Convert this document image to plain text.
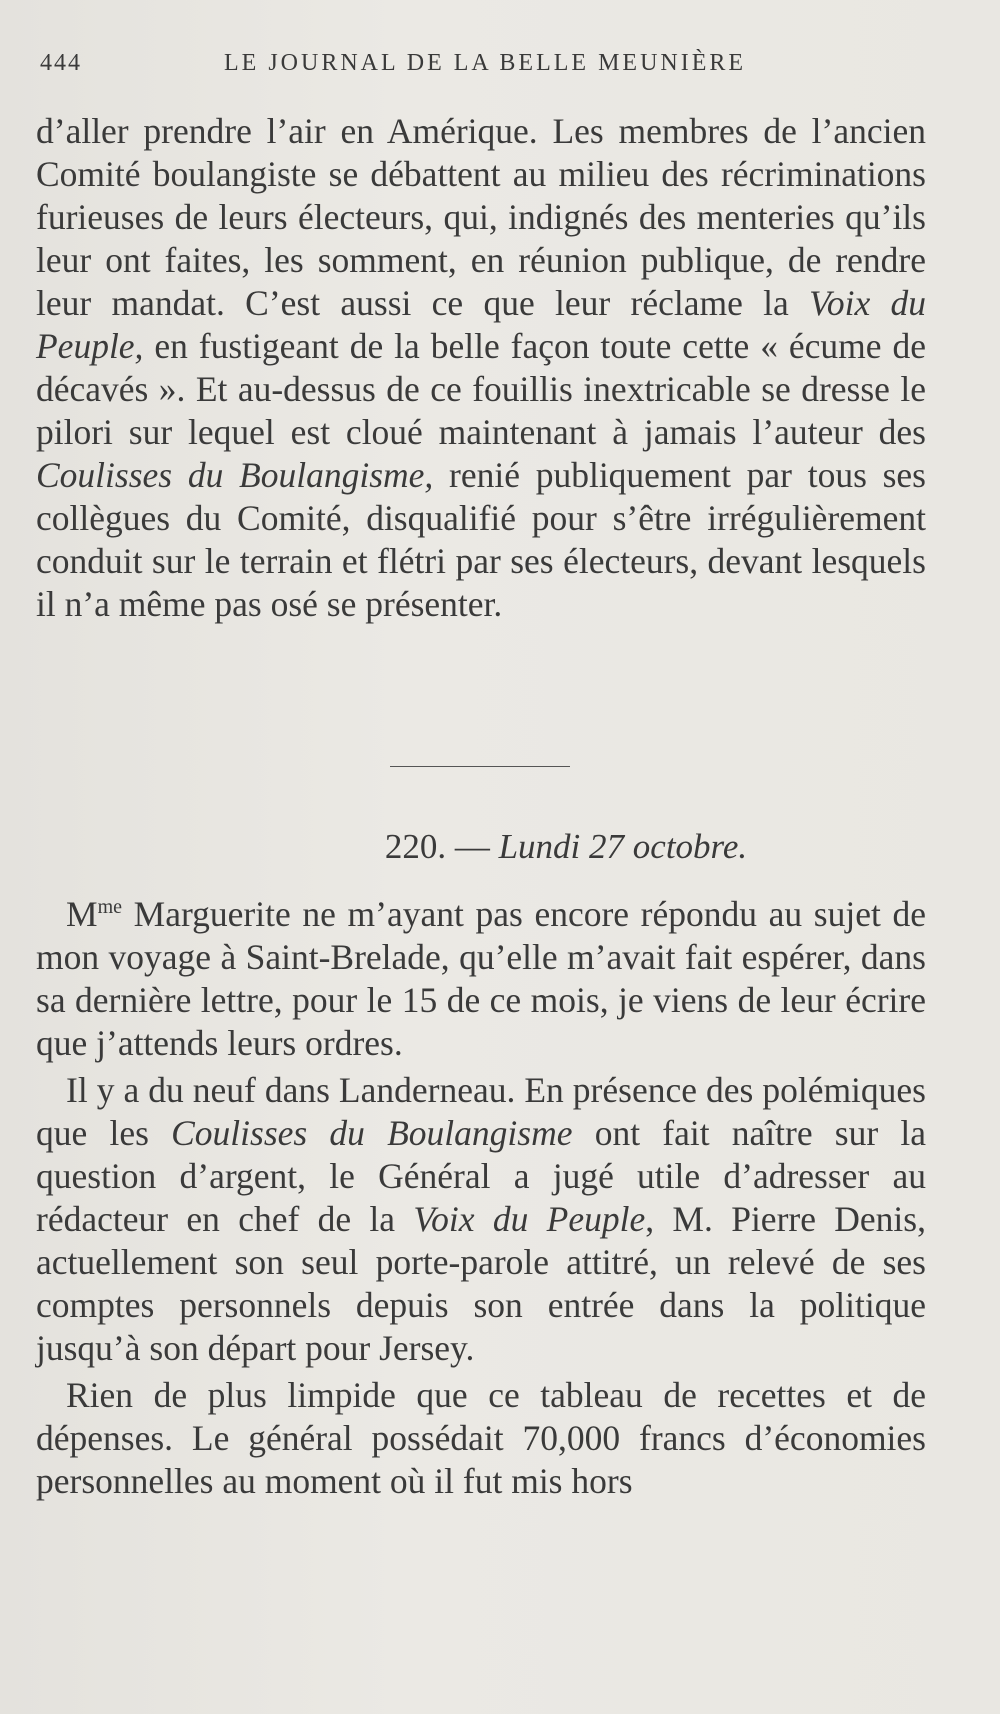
444	LE JOURNAL DE LA BELLE MEUNIÈRE

d’aller prendre l’air en Amérique. Les membres de l’ancien Comité boulangiste se débattent au milieu des récriminations furieuses de leurs électeurs, qui, indignés des menteries qu’ils leur ont faites, les somment, en réunion publique, de rendre leur mandat. C’est aussi ce que leur réclame la Voix du Peuple, en fustigeant de la belle façon toute cette « écume de décavés ». Et au-dessus de ce fouillis inextricable se dresse le pilori sur lequel est cloué maintenant à jamais l’auteur des Coulisses du Boulangisme, renié publiquement par tous ses collègues du Comité, disqualifié pour s’être irrégulièrement conduit sur le terrain et flétri par ses électeurs, devant lesquels il n’a même pas osé se présenter.

220. — Lundi 27 octobre.

$M^{me}$ Marguerite ne m’ayant pas encore répondu au sujet de mon voyage à Saint-Brelade, qu’elle m’avait fait espérer, dans sa dernière lettre, pour le 15 de ce mois, je viens de leur écrire que j’attends leurs ordres.

Il y a du neuf dans Landerneau. En présence des polémiques que les Coulisses du Boulangisme ont fait naître sur la question d’argent, le Général a jugé utile d’adresser au rédacteur en chef de la Voix du Peuple, M. Pierre Denis, actuellement son seul porte-parole attitré, un relevé de ses comptes personnels depuis son entrée dans la politique jusqu’à son départ pour Jersey.

Rien de plus limpide que ce tableau de recettes et de dépenses. Le général possédait 70,000 francs d’économies personnelles au moment où il fut mis hors
